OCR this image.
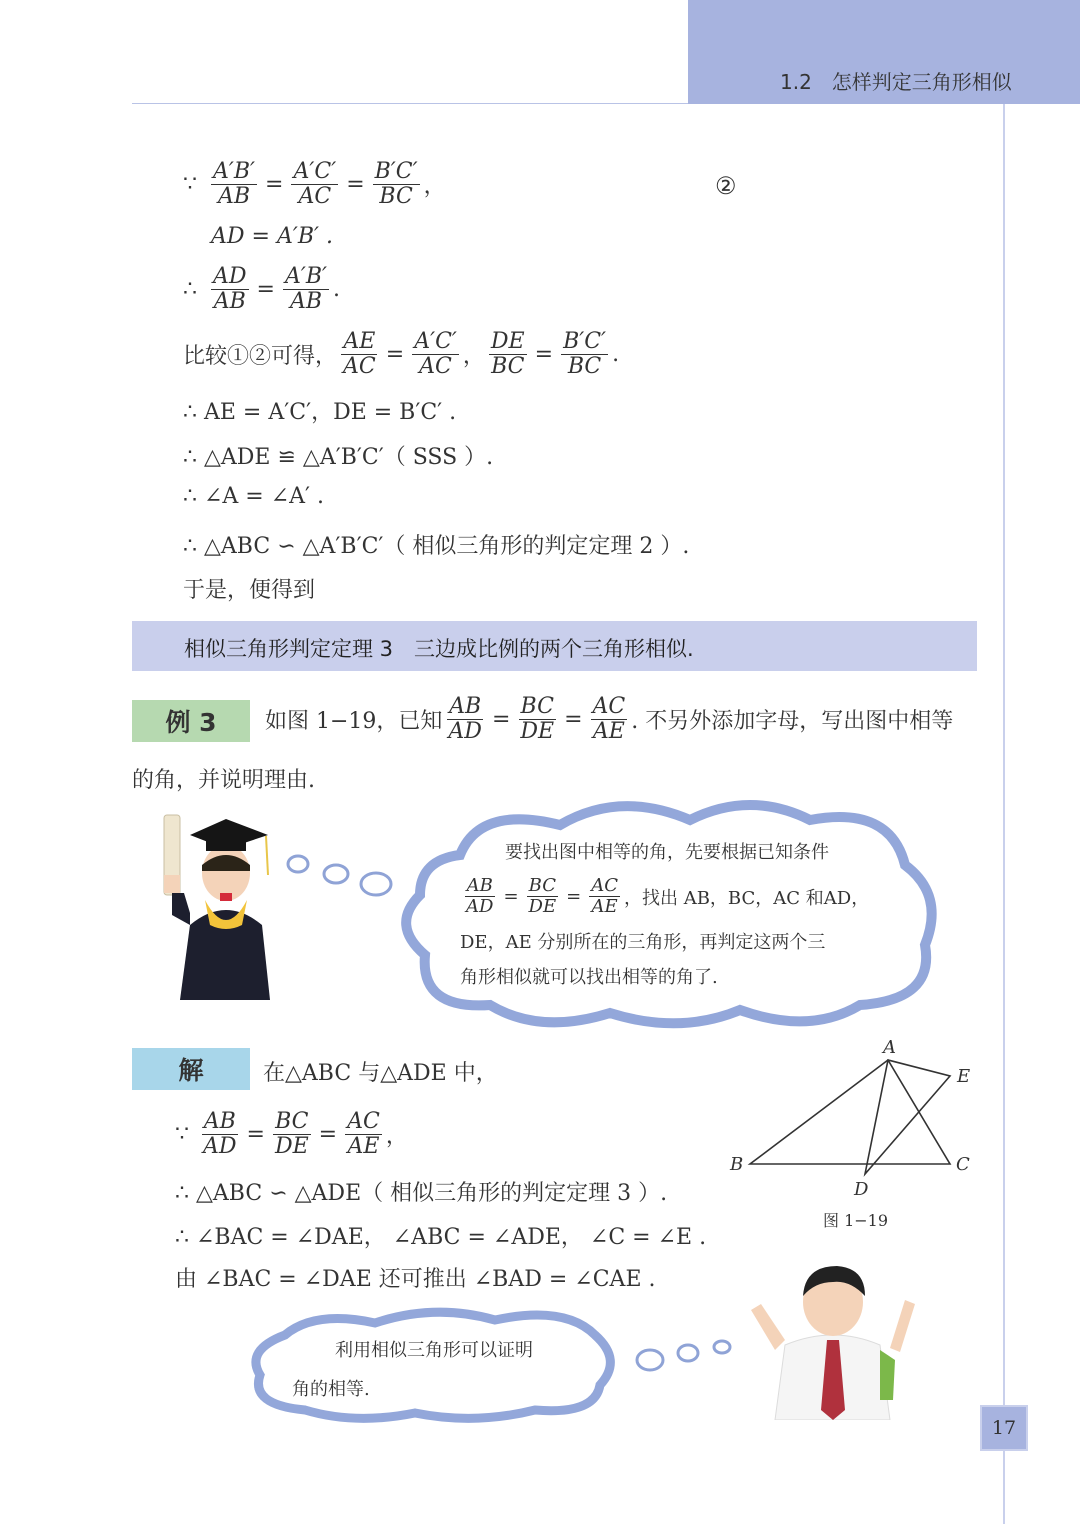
1.2　怎样判定三角形相似
∵ $\frac{A'B'}{AB} = \frac{A'C'}{AC} = \frac{B'C'}{BC}$ ，	②
AD = A′B′ .
∴ $\frac{AD}{AB} = \frac{A'B'}{AB}$ .
比较①②可得， $\frac{AE}{AC} = \frac{A'C'}{AC}$ ， $\frac{DE}{BC} = \frac{B'C'}{BC}$ .
∴ AE = A′C′，DE = B′C′ .
∴ △ADE ≌ △A′B′C′（ SSS ）.
∴ ∠A = ∠A′ .
∴ △ABC ∽ △A′B′C′（ 相似三角形的判定定理 2 ）.
于是，便得到
相似三角形判定定理 3　三边成比例的两个三角形相似.
例 3	如图 1−19，已知 $\frac{AB}{AD} = \frac{BC}{DE} = \frac{AC}{AE}$ . 不另外添加字母，写出图中相等
的角，并说明理由.
要找出图中相等的角，先要根据已知条件
$\frac{AB}{AD} = \frac{BC}{DE} = \frac{AC}{AE}$ ，找出 AB，BC，AC 和AD，
DE，AE 分别所在的三角形，再判定这两个三
角形相似就可以找出相等的角了.
解	在△ABC 与△ADE 中，
∵ $\frac{AB}{AD} = \frac{BC}{DE} = \frac{AC}{AE}$ ，
∴ △ABC ∽ △ADE（ 相似三角形的判定定理 3 ）.
∴ ∠BAC = ∠DAE， ∠ABC = ∠ADE， ∠C = ∠E .
由 ∠BAC = ∠DAE 还可推出 ∠BAD = ∠CAE .
A
B	C
D
E
图 1−19
利用相似三角形可以证明
角的相等.
17
